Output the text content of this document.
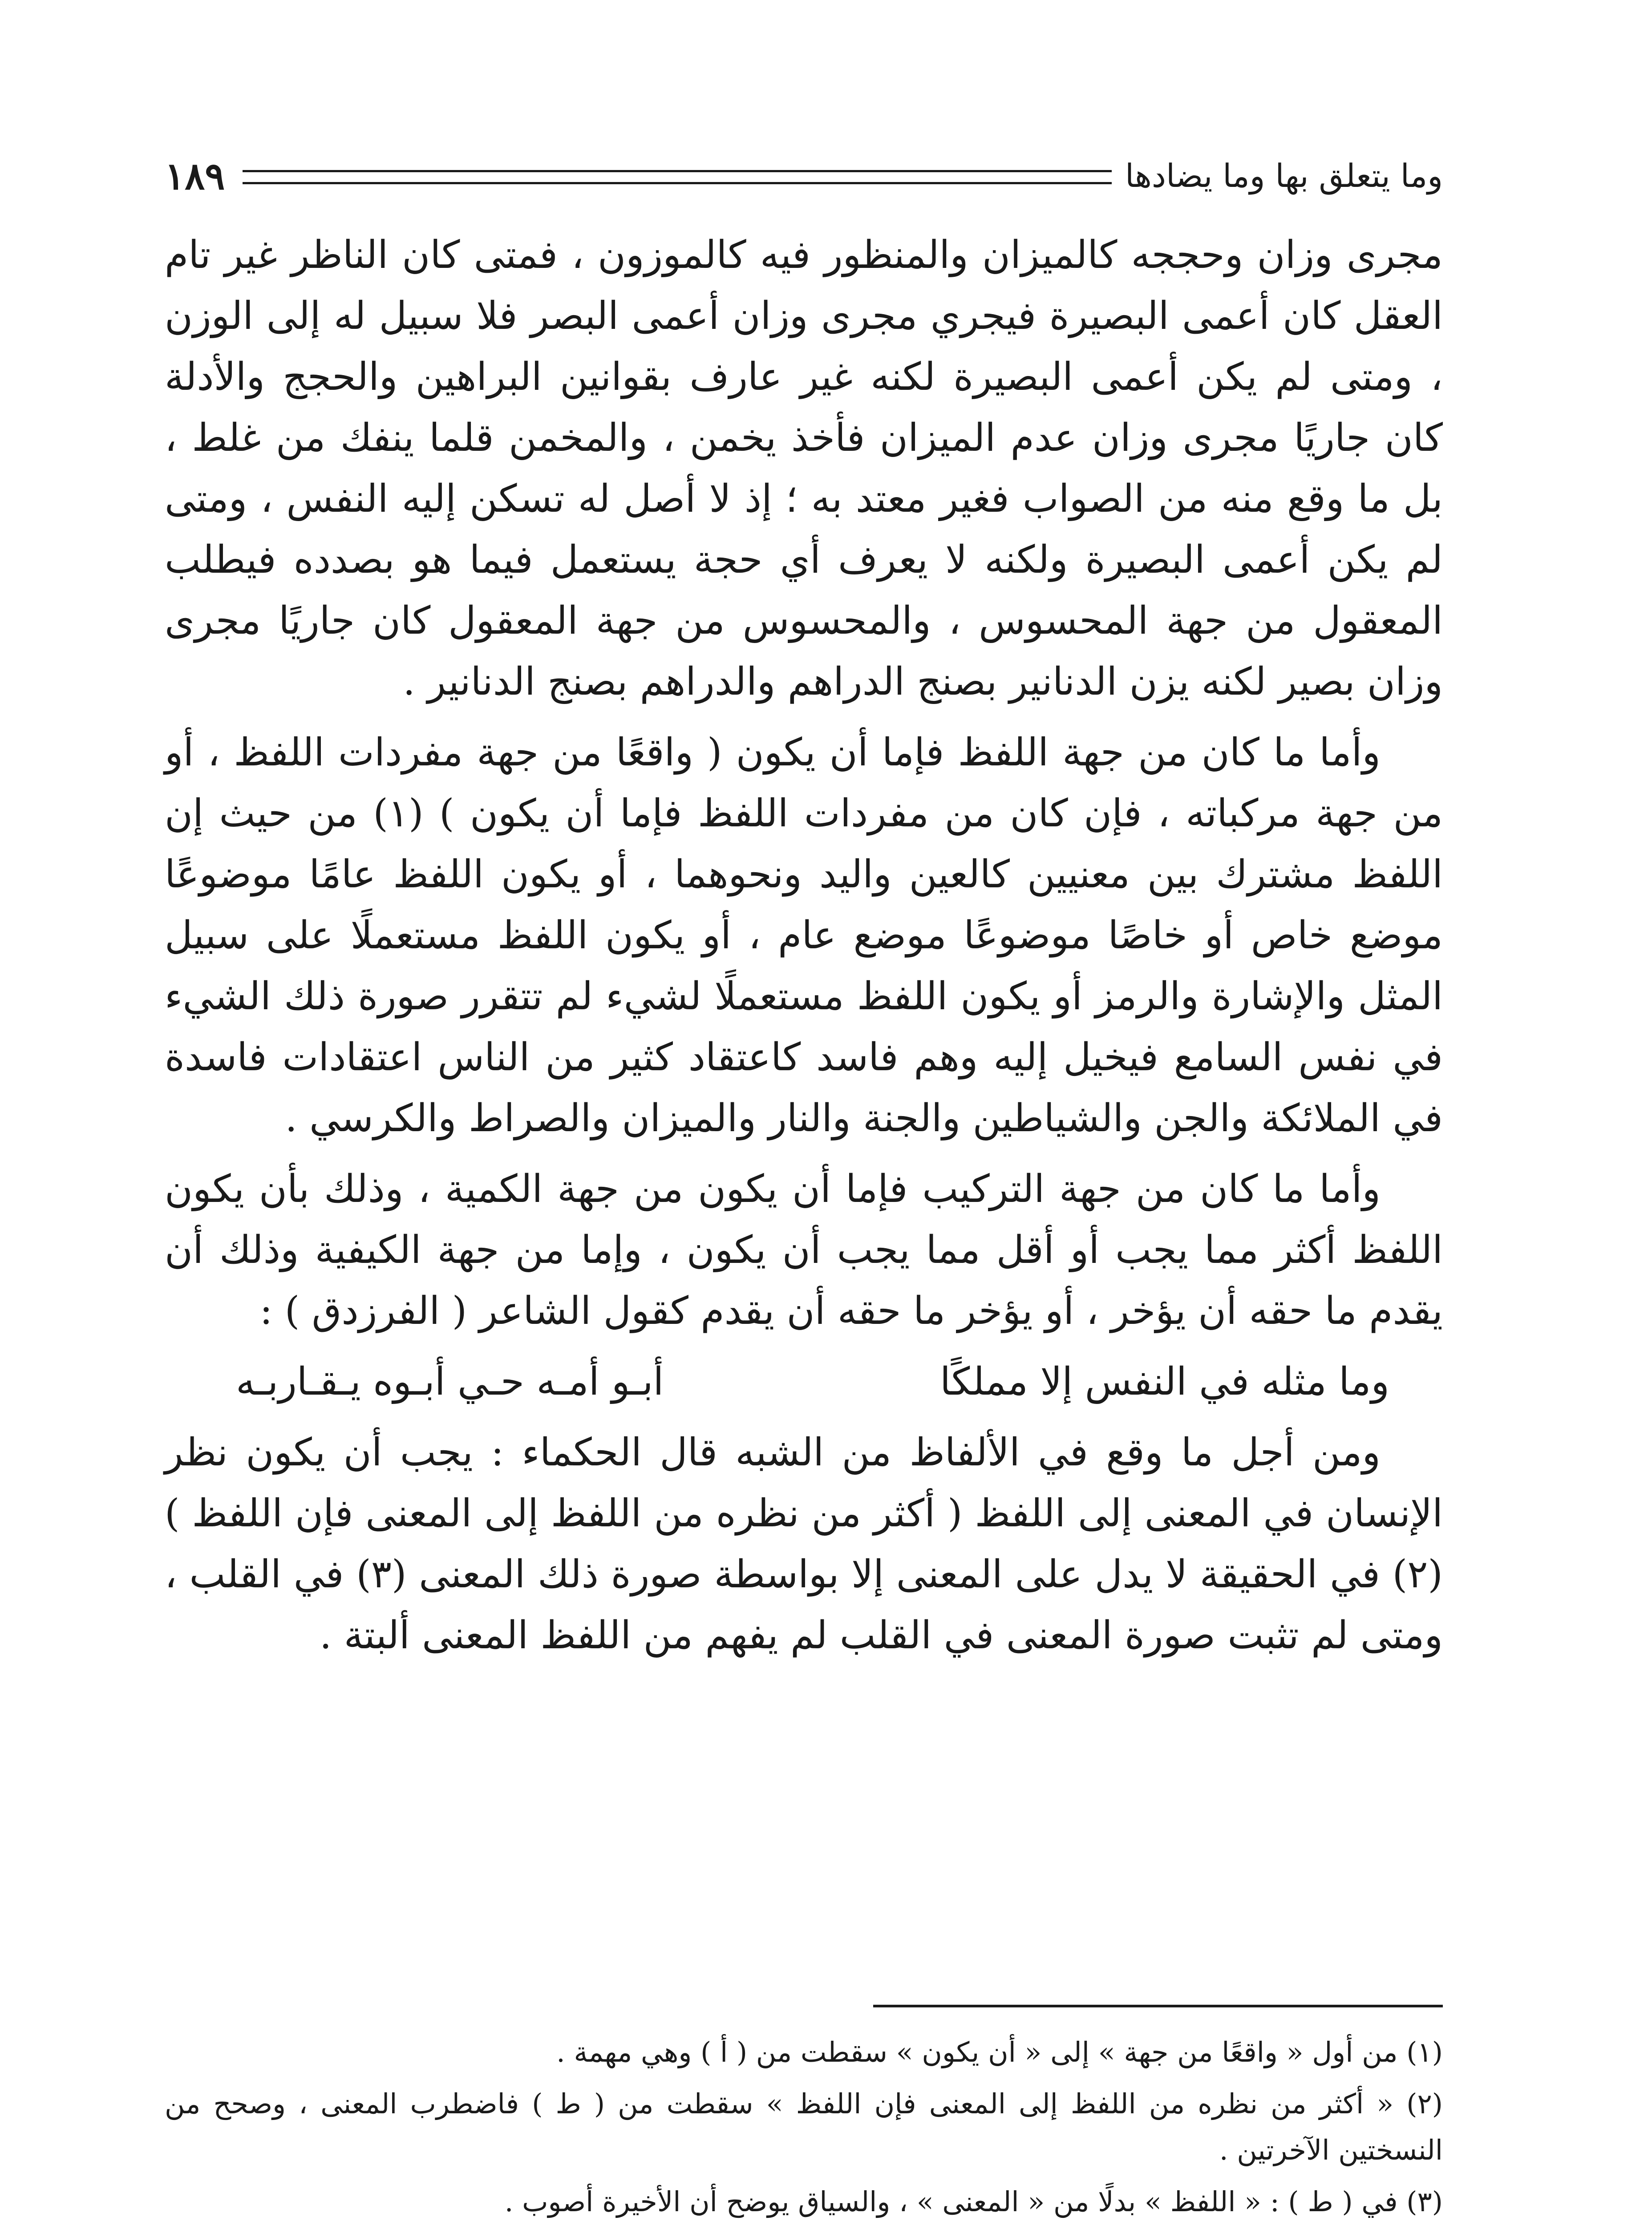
وما يتعلق بها وما يضادها
١٨٩

مجرى وزان وحججه كالميزان والمنظور فيه كالموزون ، فمتى كان الناظر غير تام العقل كان أعمى البصيرة فيجري مجرى وزان أعمى البصر فلا سبيل له إلى الوزن ، ومتى لم يكن أعمى البصيرة لكنه غير عارف بقوانين البراهين والحجج والأدلة كان جاريًا مجرى وزان عدم الميزان فأخذ يخمن ، والمخمن قلما ينفك من غلط ، بل ما وقع منه من الصواب فغير معتد به ؛ إذ لا أصل له تسكن إليه النفس ، ومتى لم يكن أعمى البصيرة ولكنه لا يعرف أي حجة يستعمل فيما هو بصدده فيطلب المعقول من جهة المحسوس ، والمحسوس من جهة المعقول كان جاريًا مجرى وزان بصير لكنه يزن الدنانير بصنج الدراهم والدراهم بصنج الدنانير .

وأما ما كان من جهة اللفظ فإما أن يكون ( واقعًا من جهة مفردات اللفظ ، أو من جهة مركباته ، فإن كان من مفردات اللفظ فإما أن يكون ) (١) من حيث إن اللفظ مشترك بين معنيين كالعين واليد ونحوهما ، أو يكون اللفظ عامًا موضوعًا موضع خاص أو خاصًا موضوعًا موضع عام ، أو يكون اللفظ مستعملًا على سبيل المثل والإشارة والرمز أو يكون اللفظ مستعملًا لشيء لم تتقرر صورة ذلك الشيء في نفس السامع فيخيل إليه وهم فاسد كاعتقاد كثير من الناس اعتقادات فاسدة في الملائكة والجن والشياطين والجنة والنار والميزان والصراط والكرسي .

وأما ما كان من جهة التركيب فإما أن يكون من جهة الكمية ، وذلك بأن يكون اللفظ أكثر مما يجب أو أقل مما يجب أن يكون ، وإما من جهة الكيفية وذلك أن يقدم ما حقه أن يؤخر ، أو يؤخر ما حقه أن يقدم كقول الشاعر ( الفرزدق ) :

وما مثله في النفس إلا مملكًا
أبـو أمـه حـي أبـوه يـقـاربـه

ومن أجل ما وقع في الألفاظ من الشبه قال الحكماء : يجب أن يكون نظر الإنسان في المعنى إلى اللفظ ( أكثر من نظره من اللفظ إلى المعنى فإن اللفظ ) (٢) في الحقيقة لا يدل على المعنى إلا بواسطة صورة ذلك المعنى (٣) في القلب ، ومتى لم تثبت صورة المعنى في القلب لم يفهم من اللفظ المعنى ألبتة .

(١) من أول « واقعًا من جهة » إلى « أن يكون » سقطت من ( أ ) وهي مهمة .

(٢) « أكثر من نظره من اللفظ إلى المعنى فإن اللفظ » سقطت من ( ط ) فاضطرب المعنى ، وصحح من النسختين الآخرتين .

(٣) في ( ط ) : « اللفظ » بدلًا من « المعنى » ، والسياق يوضح أن الأخيرة أصوب .
